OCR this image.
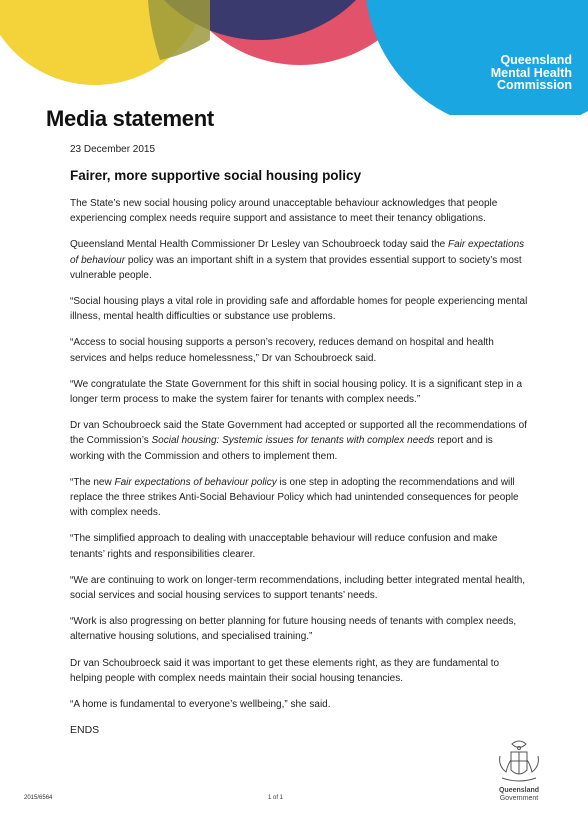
Queensland
Mental Health
Commission
Media statement
23 December 2015
Fairer, more supportive social housing policy

The State’s new social housing policy around unacceptable behaviour acknowledges that people experiencing complex needs require support and assistance to meet their tenancy obligations.

Queensland Mental Health Commissioner Dr Lesley van Schoubroeck today said the Fair expectations of behaviour policy was an important shift in a system that provides essential support to society’s most vulnerable people.

“Social housing plays a vital role in providing safe and affordable homes for people experiencing mental illness, mental health difficulties or substance use problems.

“Access to social housing supports a person’s recovery, reduces demand on hospital and health services and helps reduce homelessness,” Dr van Schoubroeck said.

“We congratulate the State Government for this shift in social housing policy. It is a significant step in a longer term process to make the system fairer for tenants with complex needs.”

Dr van Schoubroeck said the State Government had accepted or supported all the recommendations of the Commission’s Social housing: Systemic issues for tenants with complex needs report and is working with the Commission and others to implement them.

“The new Fair expectations of behaviour policy is one step in adopting the recommendations and will replace the three strikes Anti-Social Behaviour Policy which had unintended consequences for people with complex needs.

“The simplified approach to dealing with unacceptable behaviour will reduce confusion and make tenants’ rights and responsibilities clearer.

“We are continuing to work on longer-term recommendations, including better integrated mental health, social services and social housing services to support tenants’ needs.

“Work is also progressing on better planning for future housing needs of tenants with complex needs, alternative housing solutions, and specialised training.”

Dr van Schoubroeck said it was important to get these elements right, as they are fundamental to helping people with complex needs maintain their social housing tenancies.

“A home is fundamental to everyone’s wellbeing,” she said.

ENDS

2015/6564	1 of 1
Queensland
Government
